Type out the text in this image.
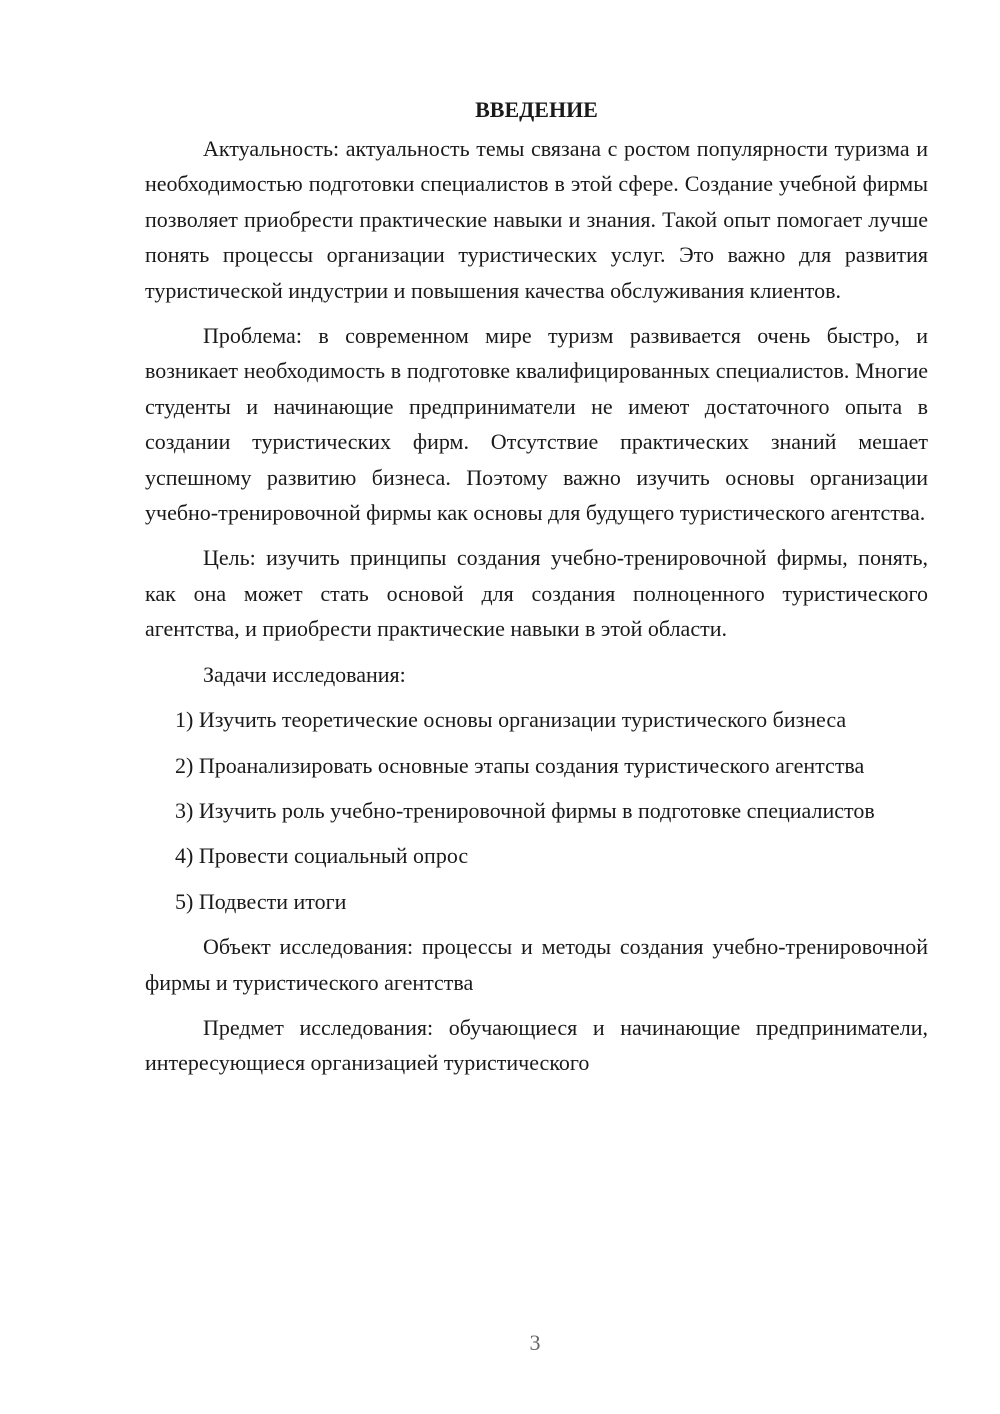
ВВЕДЕНИЕ

Актуальность: актуальность темы связана с ростом популярности туризма и необходимостью подготовки специалистов в этой сфере. Создание учебной фирмы позволяет приобрести практические навыки и знания. Такой опыт помогает лучше понять процессы организации туристических услуг. Это важно для развития туристической индустрии и повышения качества обслуживания клиентов.

Проблема: в современном мире туризм развивается очень быстро, и возникает необходимость в подготовке квалифицированных специалистов. Многие студенты и начинающие предприниматели не имеют достаточного опыта в создании туристических фирм. Отсутствие практических знаний мешает успешному развитию бизнеса. Поэтому важно изучить основы организации учебно-тренировочной фирмы как основы для будущего туристического агентства.

Цель: изучить принципы создания учебно-тренировочной фирмы, понять, как она может стать основой для создания полноценного туристического агентства, и приобрести практические навыки в этой области.

Задачи исследования:

1) Изучить теоретические основы организации туристического бизнеса

2) Проанализировать основные этапы создания туристического агентства

3) Изучить роль учебно-тренировочной фирмы в подготовке специалистов

4) Провести социальный опрос

5) Подвести итоги

Объект исследования: процессы и методы создания учебно-тренировочной фирмы и туристического агентства

Предмет исследования: обучающиеся и начинающие предприниматели, интересующиеся организацией туристического

3
